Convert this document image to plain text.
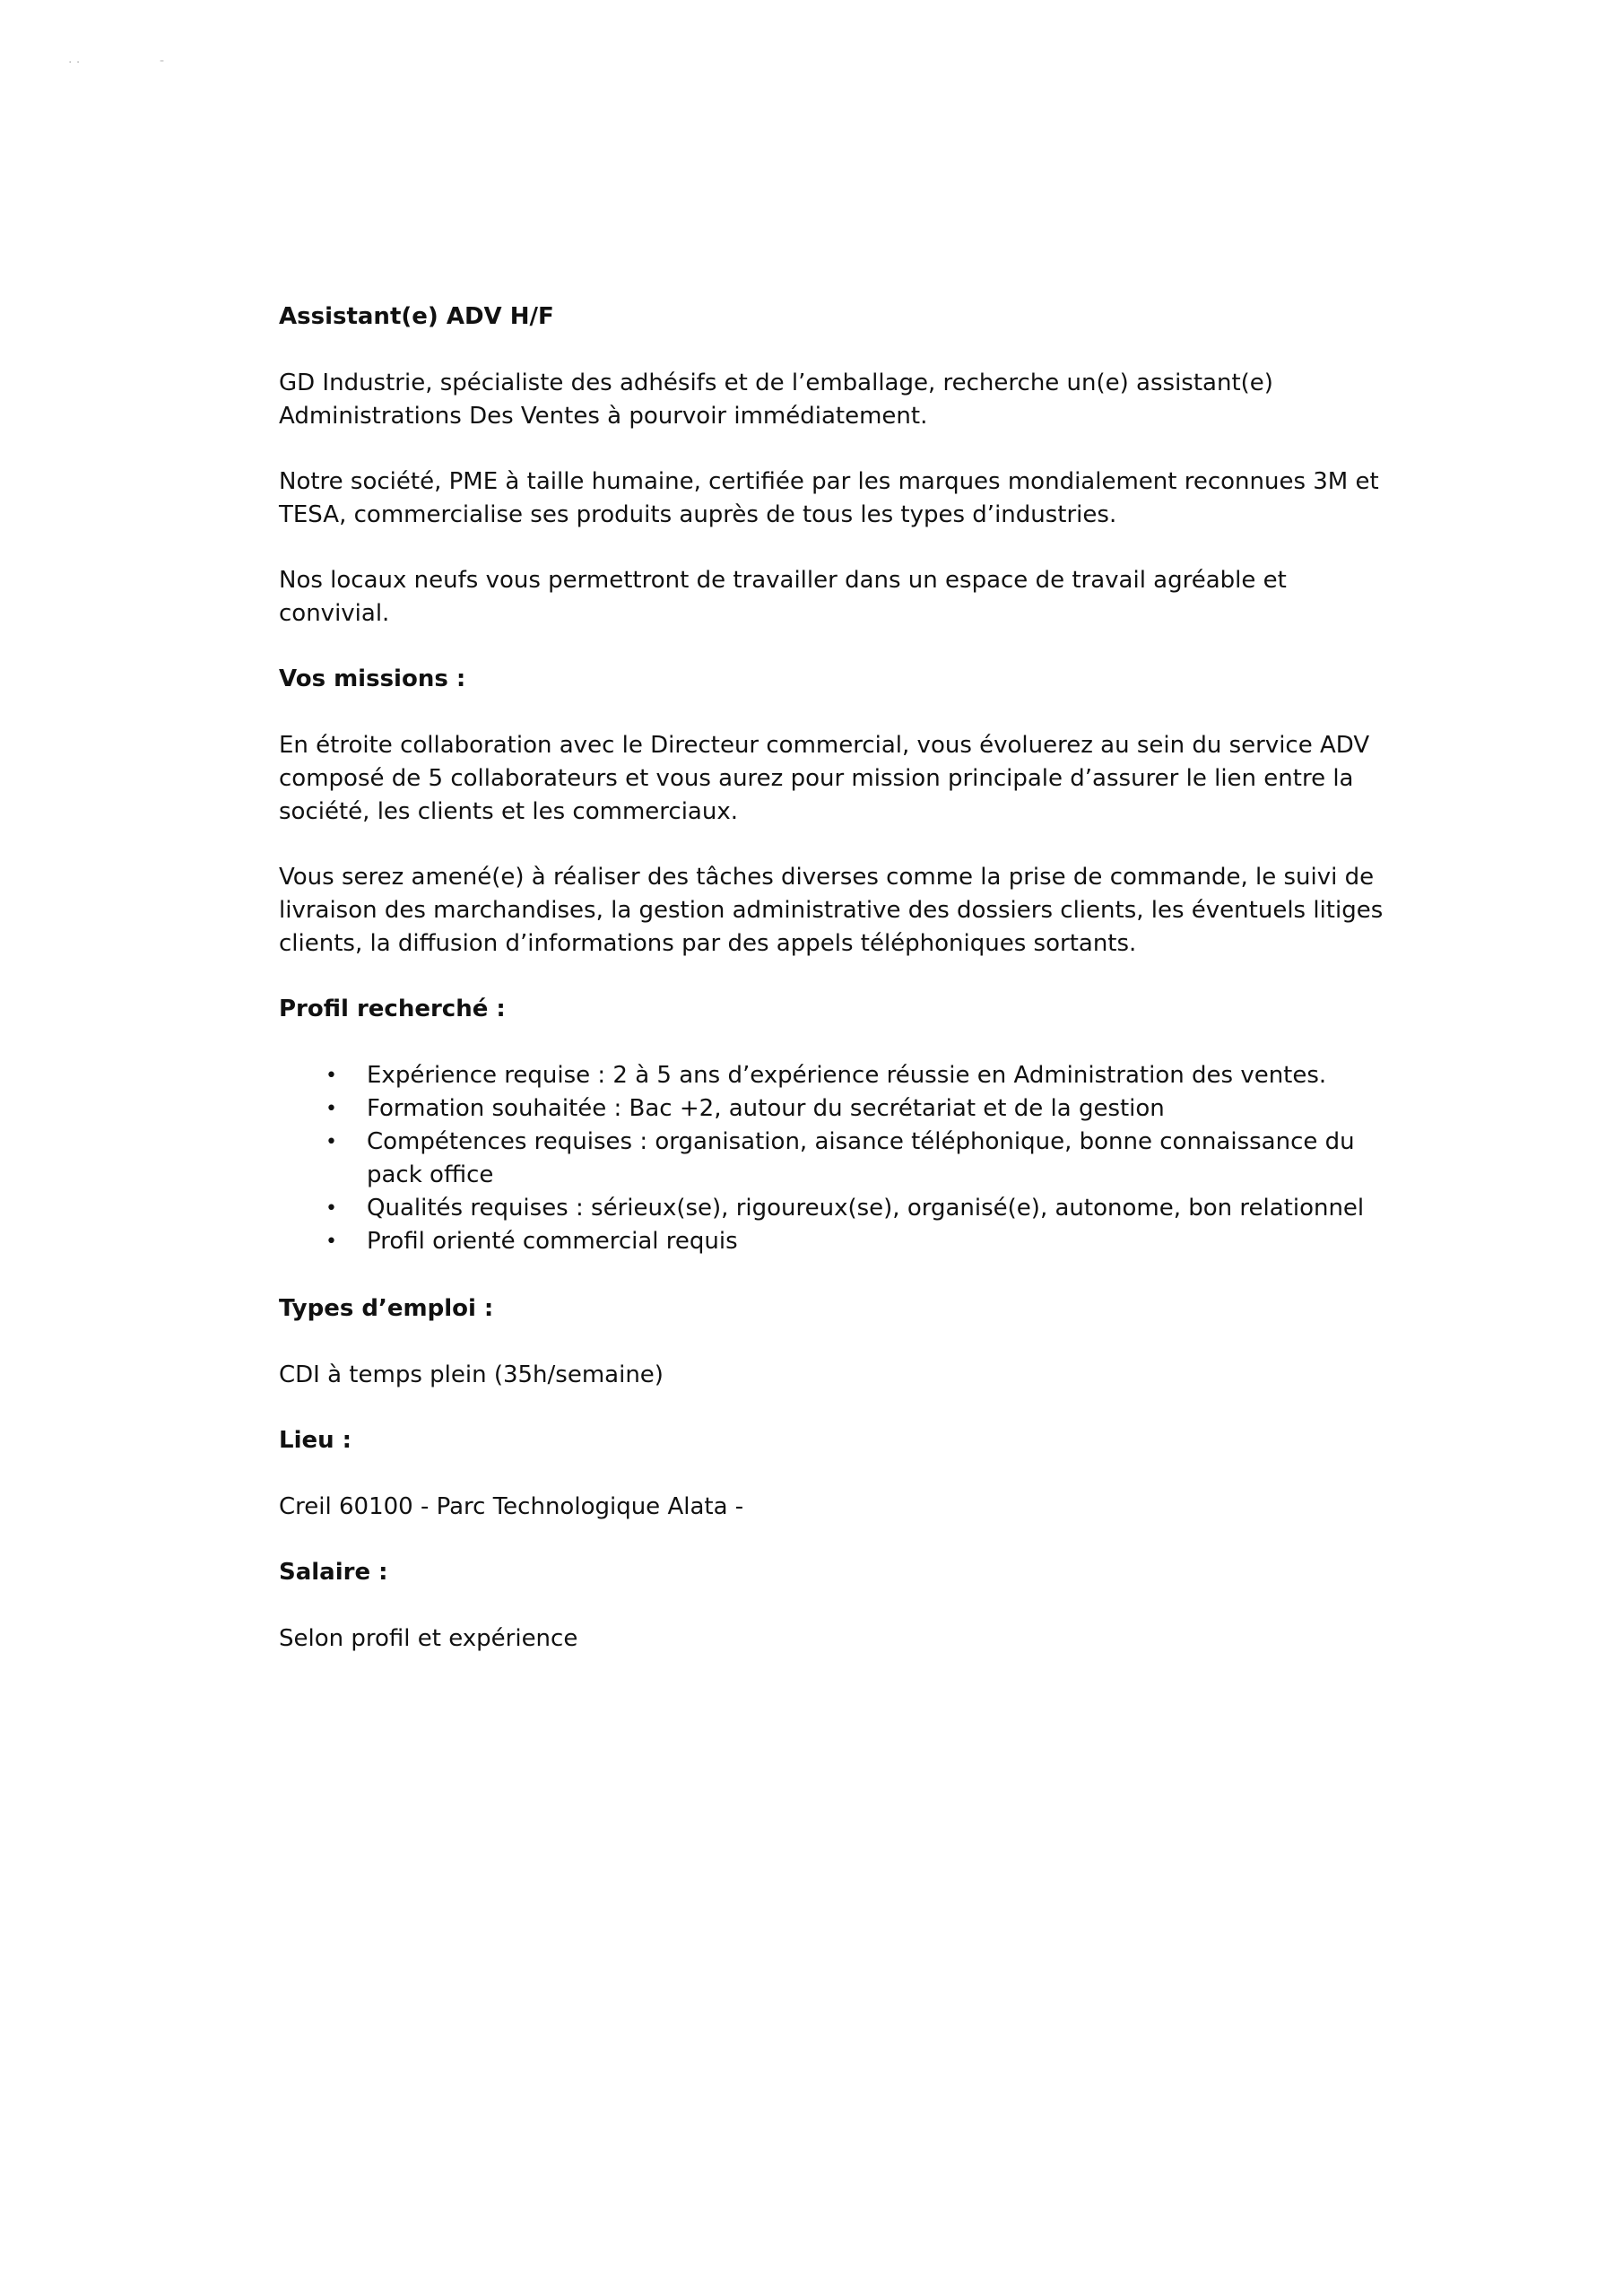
· ·	-
Assistant(e) ADV H/F

GD Industrie, spécialiste des adhésifs et de l’emballage, recherche un(e) assistant(e) Administrations Des Ventes à pourvoir immédiatement.

Notre société, PME à taille humaine, certifiée par les marques mondialement reconnues 3M et TESA, commercialise ses produits auprès de tous les types d’industries.

Nos locaux neufs vous permettront de travailler dans un espace de travail agréable et convivial.

Vos missions :

En étroite collaboration avec le Directeur commercial, vous évoluerez au sein du service ADV composé de 5 collaborateurs et vous aurez pour mission principale d’assurer le lien entre la société, les clients et les commerciaux.

Vous serez amené(e) à réaliser des tâches diverses comme la prise de commande, le suivi de livraison des marchandises, la gestion administrative des dossiers clients, les éventuels litiges clients, la diffusion d’informations par des appels téléphoniques sortants.

Profil recherché :
• Expérience requise : 2 à 5 ans d’expérience réussie en Administration des ventes.
• Formation souhaitée : Bac +2, autour du secrétariat et de la gestion
• Compétences requises : organisation, aisance téléphonique, bonne connaissance du pack office
• Qualités requises : sérieux(se), rigoureux(se), organisé(e), autonome, bon relationnel
• Profil orienté commercial requis
Types d’emploi :

CDI à temps plein (35h/semaine)

Lieu :

Creil 60100 - Parc Technologique Alata -

Salaire :

Selon profil et expérience
